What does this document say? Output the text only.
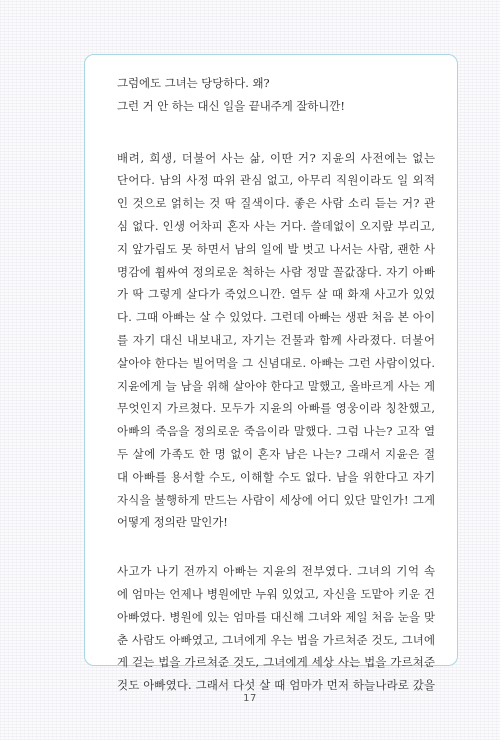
그럼에도 그녀는 당당하다. 왜?

그런 거 안 하는 대신 일을 끝내주게 잘하니깐!

배려, 희생, 더불어 사는 삶, 이딴 거? 지윤의 사전에는 없는

단어다. 남의 사정 따위 관심 없고, 아무리 직원이라도 일 외적

인 것으로 얽히는 것 딱 질색이다. 좋은 사람 소리 듣는 거? 관

심 없다. 인생 어차피 혼자 사는 거다. 쓸데없이 오지랖 부리고,

지 앞가림도 못 하면서 남의 일에 발 벗고 나서는 사람, 괜한 사

명감에 휩싸여 정의로운 척하는 사람 정말 꼴값잖다. 자기 아빠

가 딱 그렇게 살다가 죽었으니깐. 열두 살 때 화재 사고가 있었

다. 그때 아빠는 살 수 있었다. 그런데 아빠는 생판 처음 본 아이

를 자기 대신 내보내고, 자기는 건물과 함께 사라졌다. 더불어

살아야 한다는 빌어먹을 그 신념대로. 아빠는 그런 사람이었다.

지윤에게 늘 남을 위해 살아야 한다고 말했고, 올바르게 사는 게

무엇인지 가르쳤다. 모두가 지윤의 아빠를 영웅이라 칭찬했고,

아빠의 죽음을 정의로운 죽음이라 말했다. 그럼 나는? 고작 열

두 살에 가족도 한 명 없이 혼자 남은 나는? 그래서 지윤은 절

대 아빠를 용서할 수도, 이해할 수도 없다. 남을 위한다고 자기

자식을 불행하게 만드는 사람이 세상에 어디 있단 말인가! 그게

어떻게 정의란 말인가!

사고가 나기 전까지 아빠는 지윤의 전부였다. 그녀의 기억 속

에 엄마는 언제나 병원에만 누워 있었고, 자신을 도맡아 키운 건

아빠였다. 병원에 있는 엄마를 대신해 그녀와 제일 처음 눈을 맞

춘 사람도 아빠였고, 그녀에게 우는 법을 가르쳐준 것도, 그녀에

게 걷는 법을 가르쳐준 것도, 그녀에게 세상 사는 법을 가르쳐준

것도 아빠였다. 그래서 다섯 살 때 엄마가 먼저 하늘나라로 갔을

17
